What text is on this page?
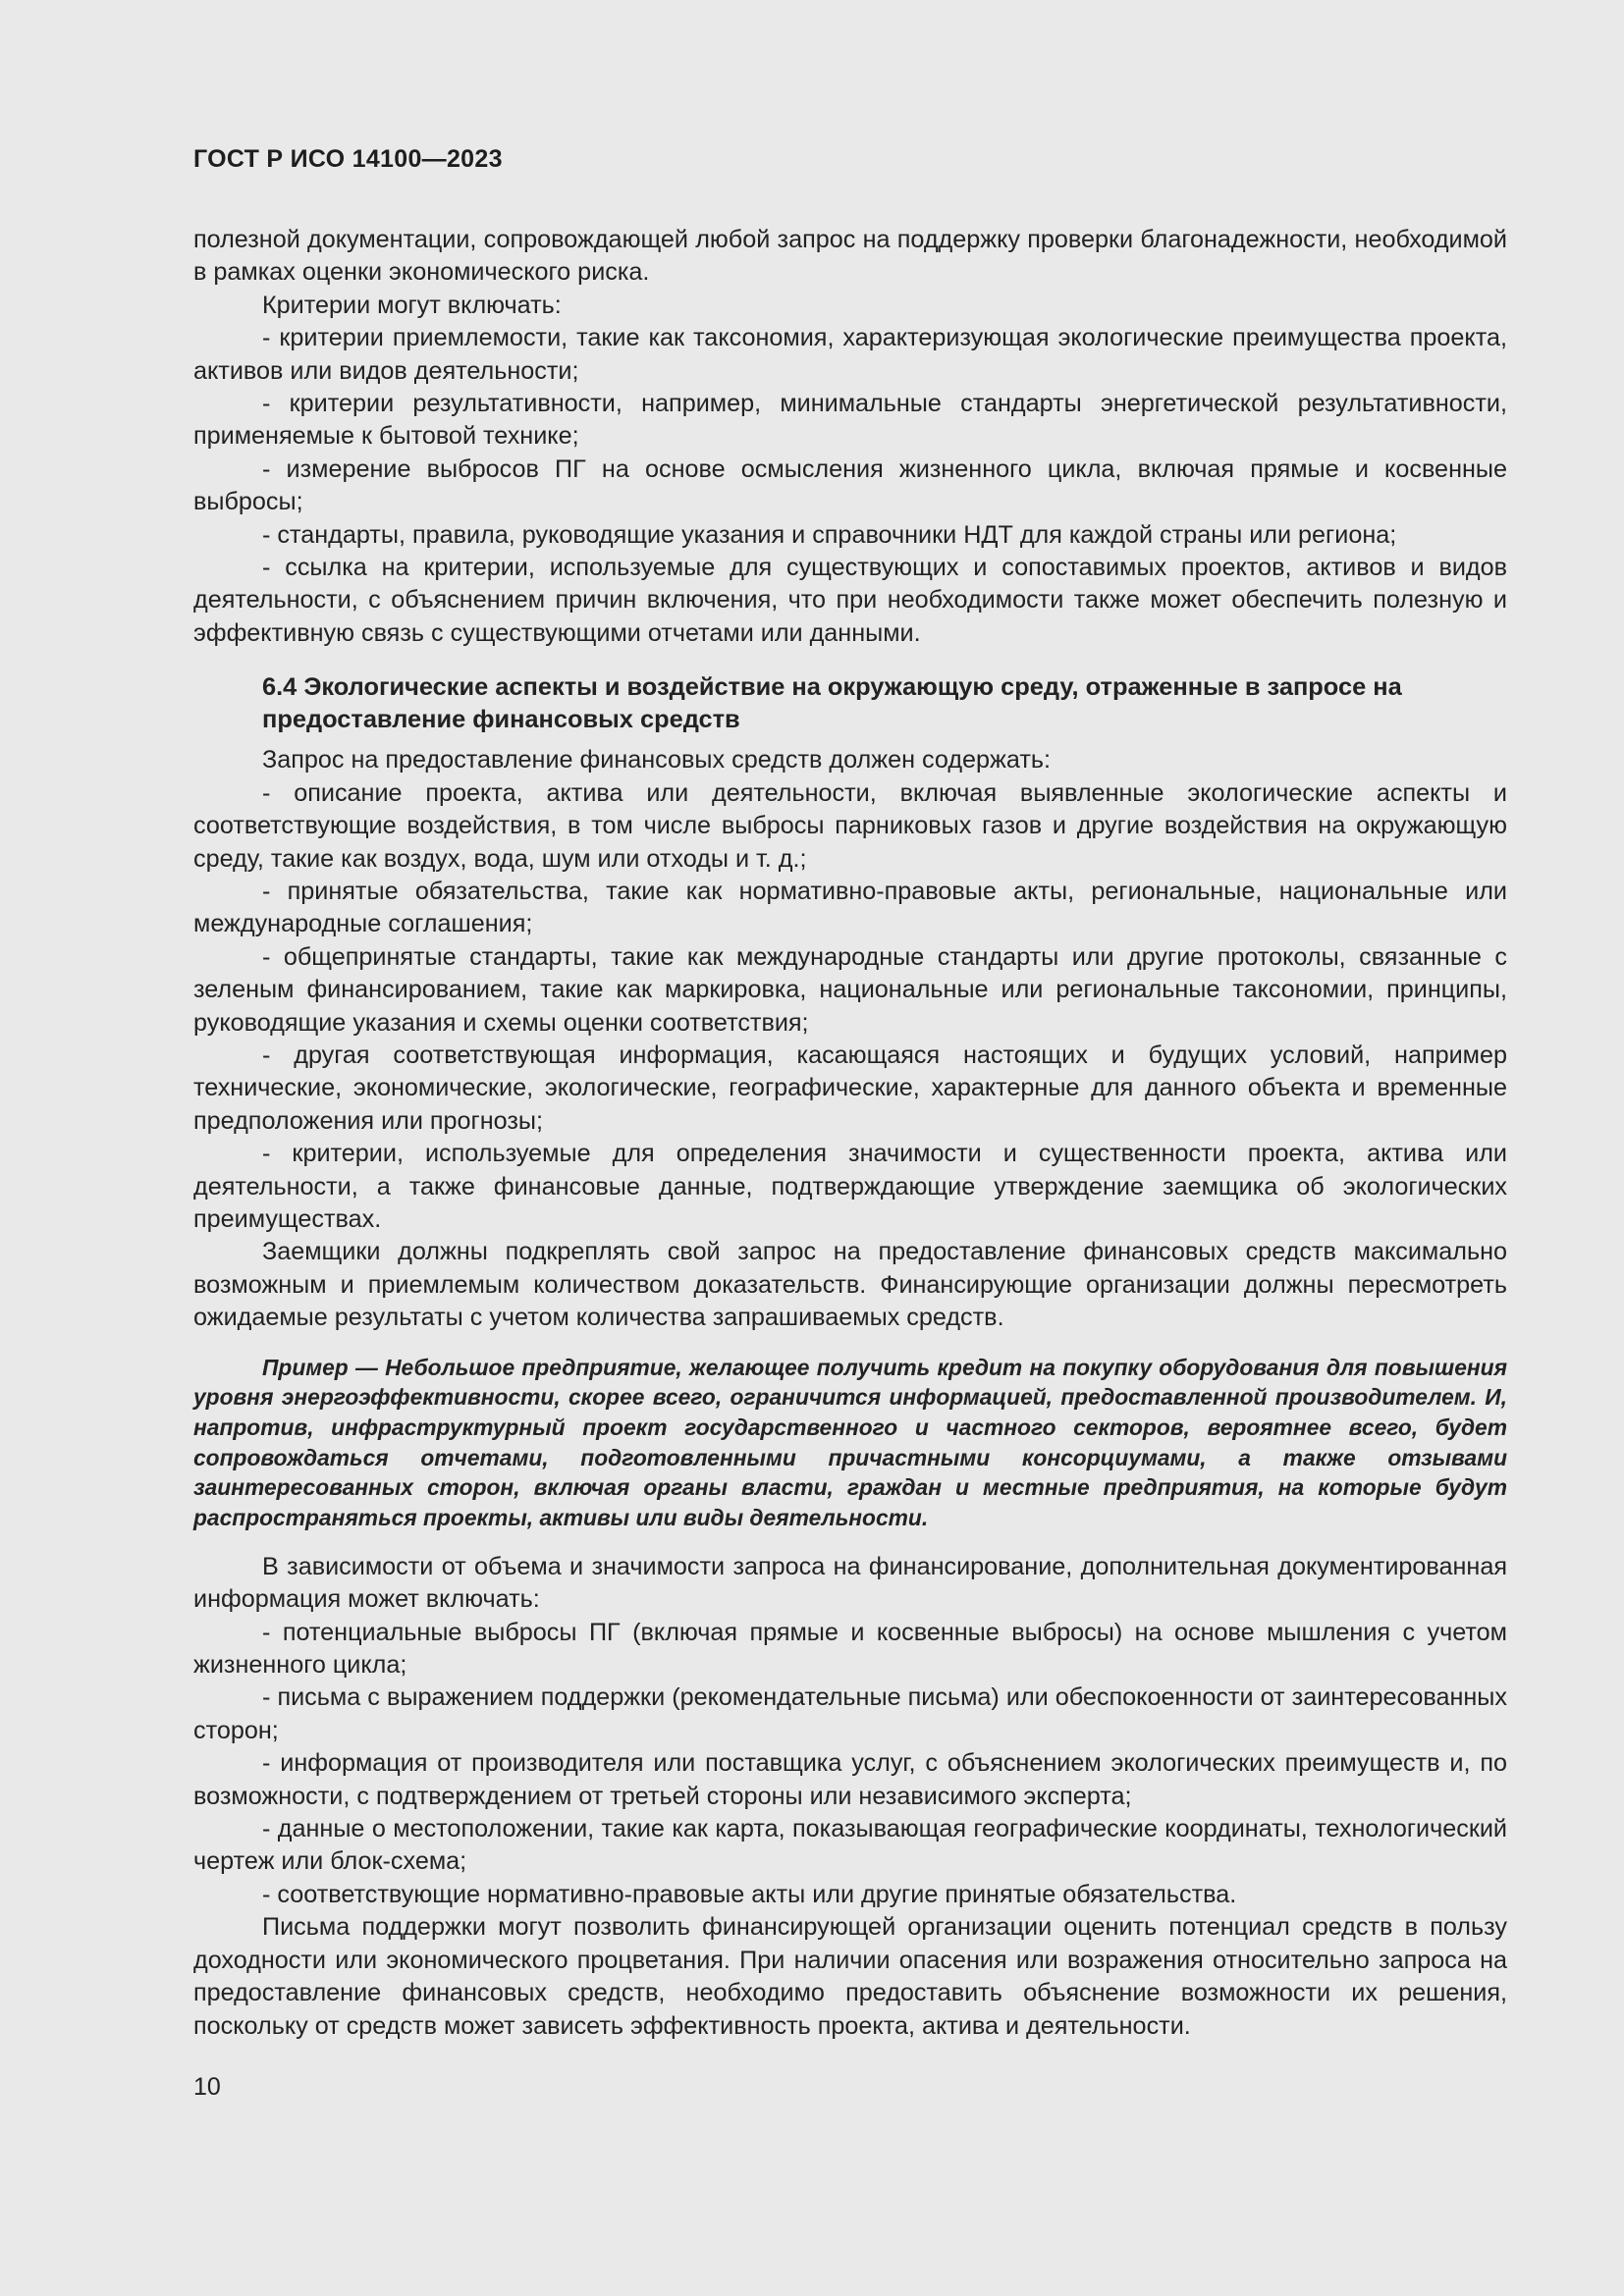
ГОСТ Р ИСО 14100—2023

полезной документации, сопровождающей любой запрос на поддержку проверки благонадежности, необходимой в рамках оценки экономического риска.

Критерии могут включать:

- критерии приемлемости, такие как таксономия, характеризующая экологические преимущества проекта, активов или видов деятельности;

- критерии результативности, например, минимальные стандарты энергетической результативности, применяемые к бытовой технике;

- измерение выбросов ПГ на основе осмысления жизненного цикла, включая прямые и косвенные выбросы;

- стандарты, правила, руководящие указания и справочники НДТ для каждой страны или региона;

- ссылка на критерии, используемые для существующих и сопоставимых проектов, активов и видов деятельности, с объяснением причин включения, что при необходимости также может обеспечить полезную и эффективную связь с существующими отчетами или данными.

6.4 Экологические аспекты и воздействие на окружающую среду, отраженные в запросе на предоставление финансовых средств

Запрос на предоставление финансовых средств должен содержать:

- описание проекта, актива или деятельности, включая выявленные экологические аспекты и соответствующие воздействия, в том числе выбросы парниковых газов и другие воздействия на окружающую среду, такие как воздух, вода, шум или отходы и т. д.;

- принятые обязательства, такие как нормативно-правовые акты, региональные, национальные или международные соглашения;

- общепринятые стандарты, такие как международные стандарты или другие протоколы, связанные с зеленым финансированием, такие как маркировка, национальные или региональные таксономии, принципы, руководящие указания и схемы оценки соответствия;

- другая соответствующая информация, касающаяся настоящих и будущих условий, например технические, экономические, экологические, географические, характерные для данного объекта и временные предположения или прогнозы;

- критерии, используемые для определения значимости и существенности проекта, актива или деятельности, а также финансовые данные, подтверждающие утверждение заемщика об экологических преимуществах.

Заемщики должны подкреплять свой запрос на предоставление финансовых средств максимально возможным и приемлемым количеством доказательств. Финансирующие организации должны пересмотреть ожидаемые результаты с учетом количества запрашиваемых средств.

Пример — Небольшое предприятие, желающее получить кредит на покупку оборудования для повышения уровня энергоэффективности, скорее всего, ограничится информацией, предоставленной производителем. И, напротив, инфраструктурный проект государственного и частного секторов, вероятнее всего, будет сопровождаться отчетами, подготовленными причастными консорциумами, а также отзывами заинтересованных сторон, включая органы власти, граждан и местные предприятия, на которые будут распространяться проекты, активы или виды деятельности.

В зависимости от объема и значимости запроса на финансирование, дополнительная документированная информация может включать:

- потенциальные выбросы ПГ (включая прямые и косвенные выбросы) на основе мышления с учетом жизненного цикла;

- письма с выражением поддержки (рекомендательные письма) или обеспокоенности от заинтересованных сторон;

- информация от производителя или поставщика услуг, с объяснением экологических преимуществ и, по возможности, с подтверждением от третьей стороны или независимого эксперта;

- данные о местоположении, такие как карта, показывающая географические координаты, технологический чертеж или блок-схема;

- соответствующие нормативно-правовые акты или другие принятые обязательства.

Письма поддержки могут позволить финансирующей организации оценить потенциал средств в пользу доходности или экономического процветания. При наличии опасения или возражения относительно запроса на предоставление финансовых средств, необходимо предоставить объяснение возможности их решения, поскольку от средств может зависеть эффективность проекта, актива и деятельности.

10
